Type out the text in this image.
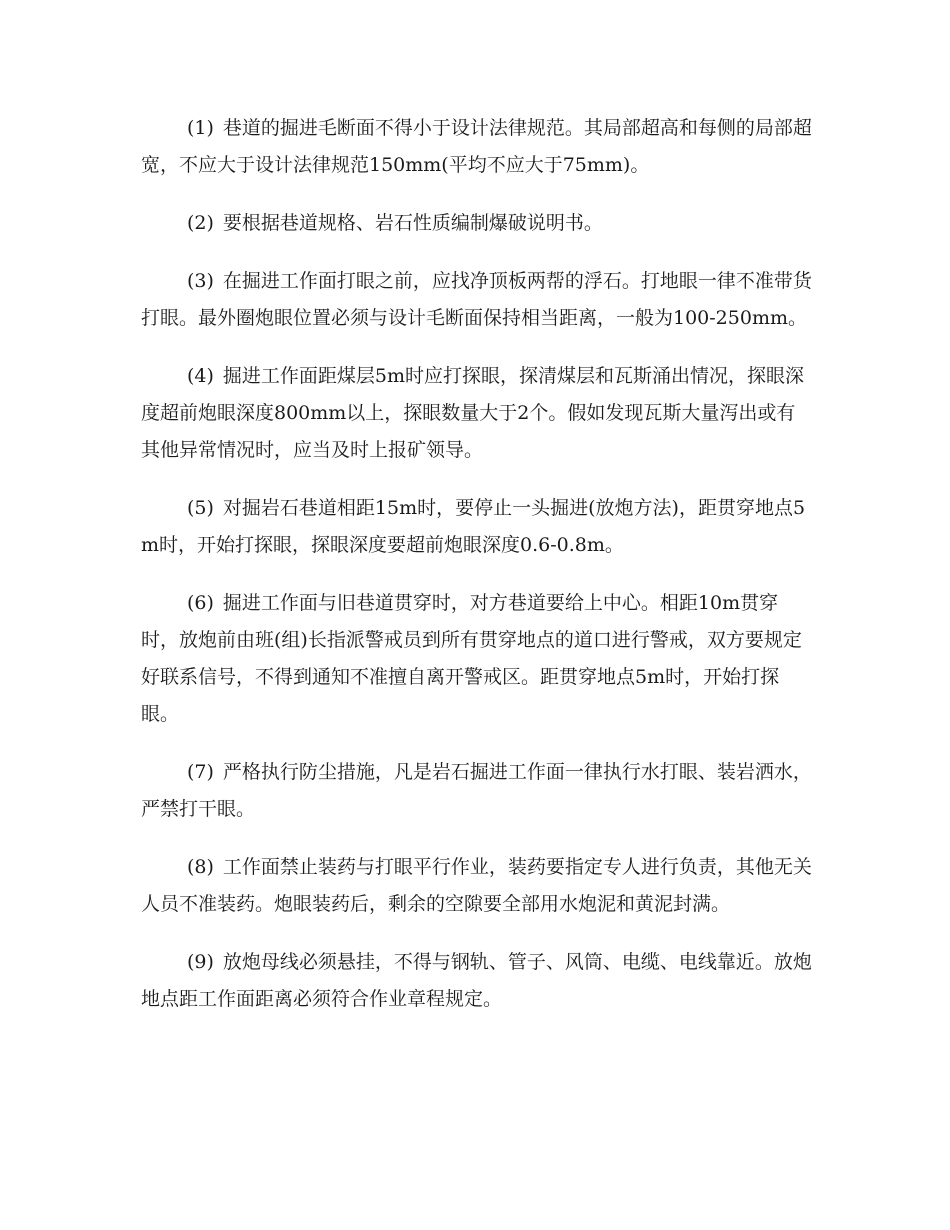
(1) 巷道的掘进毛断面不得小于设计法律规范。其局部超高和每侧的局部超宽，不应大于设计法律规范150mm(平均不应大于75mm)。

(2) 要根据巷道规格、岩石性质编制爆破说明书。

(3) 在掘进工作面打眼之前，应找净顶板两帮的浮石。打地眼一律不准带货打眼。最外圈炮眼位置必须与设计毛断面保持相当距离，一般为100-250mm。

(4) 掘进工作面距煤层5m时应打探眼，探清煤层和瓦斯涌出情况，探眼深度超前炮眼深度800mm以上，探眼数量大于2个。假如发现瓦斯大量泻出或有其他异常情况时，应当及时上报矿领导。

(5) 对掘岩石巷道相距15m时，要停止一头掘进(放炮方法)，距贯穿地点5m时，开始打探眼，探眼深度要超前炮眼深度0.6-0.8m。

(6) 掘进工作面与旧巷道贯穿时，对方巷道要给上中心。相距10m贯穿时，放炮前由班(组)长指派警戒员到所有贯穿地点的道口进行警戒，双方要规定好联系信号，不得到通知不准擅自离开警戒区。距贯穿地点5m时，开始打探眼。

(7) 严格执行防尘措施，凡是岩石掘进工作面一律执行水打眼、装岩洒水，严禁打干眼。

(8) 工作面禁止装药与打眼平行作业，装药要指定专人进行负责，其他无关人员不准装药。炮眼装药后，剩余的空隙要全部用水炮泥和黄泥封满。

(9) 放炮母线必须悬挂，不得与钢轨、管子、风筒、电缆、电线靠近。放炮地点距工作面距离必须符合作业章程规定。
